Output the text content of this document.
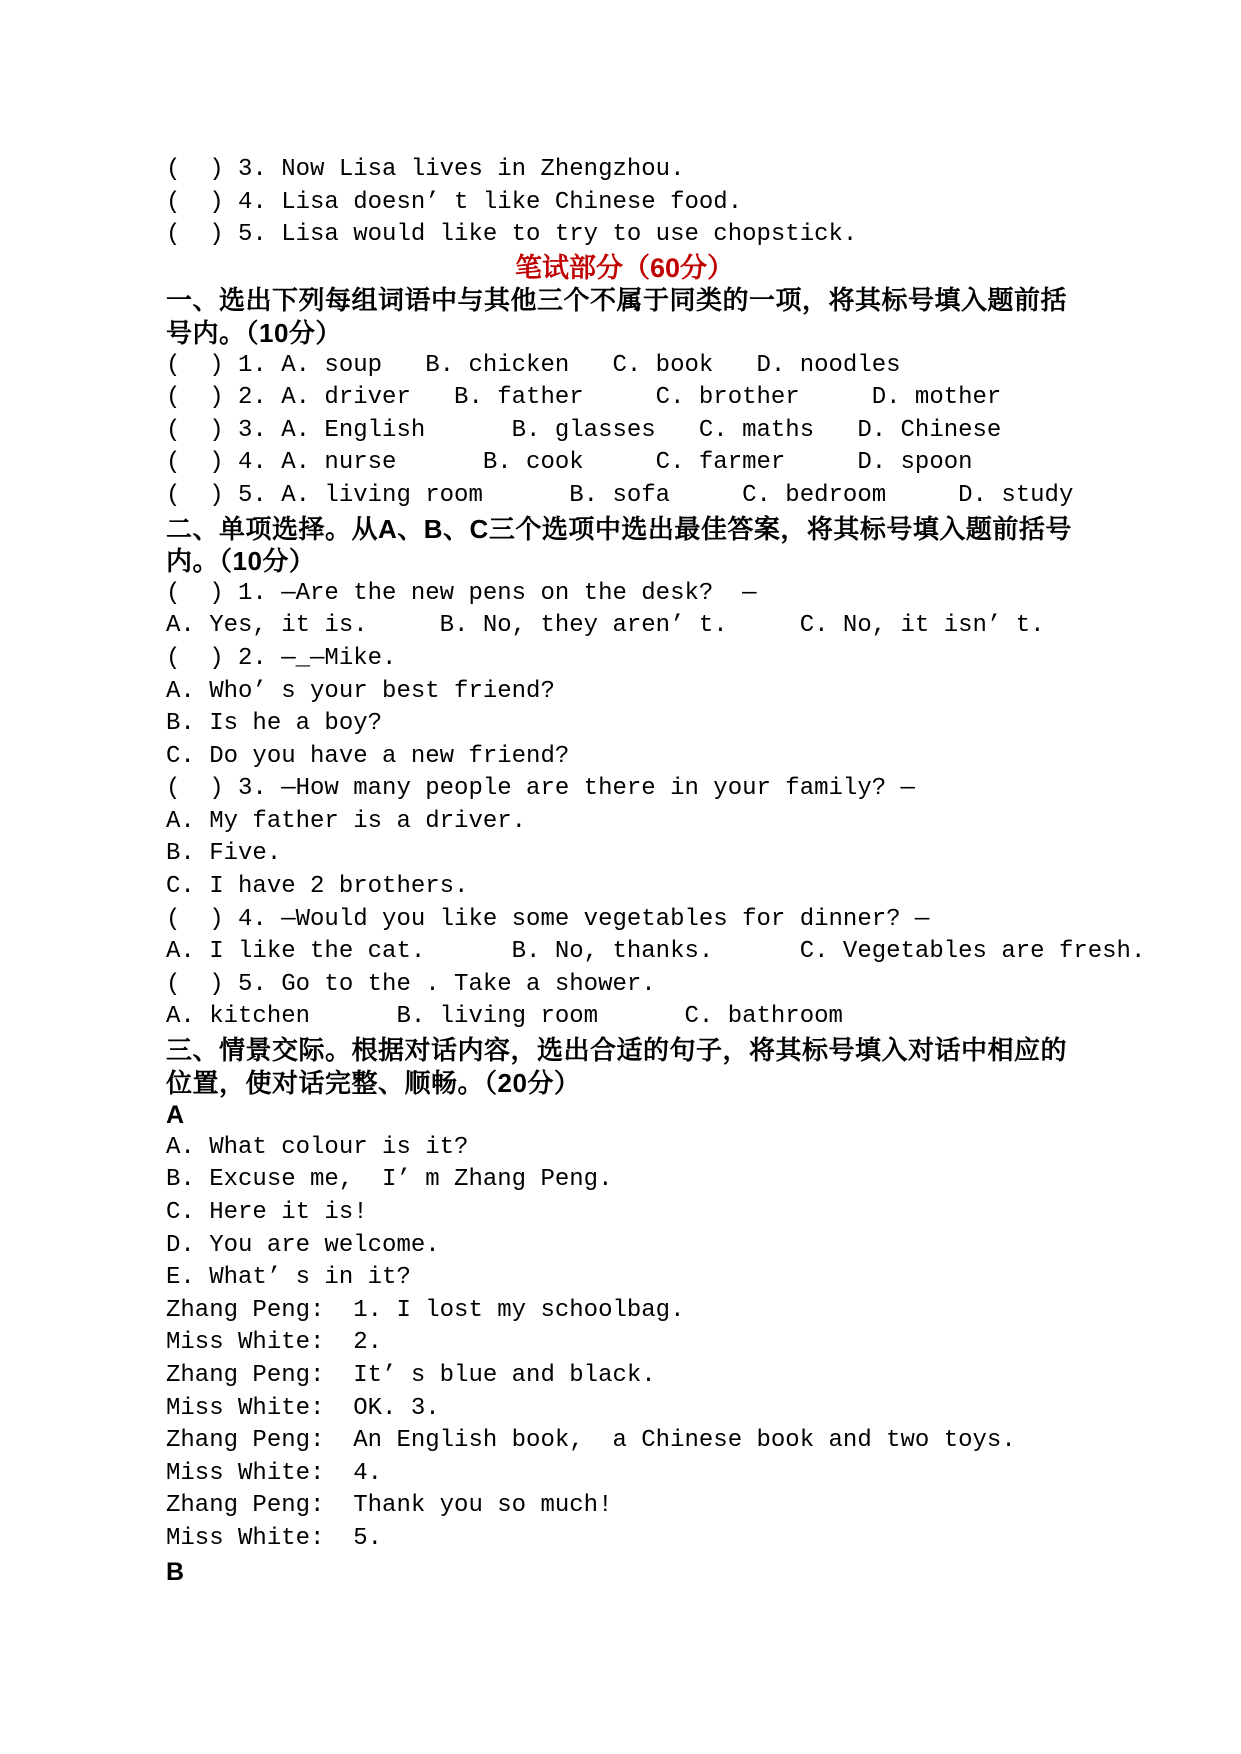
(  ) 3. Now Lisa lives in Zhengzhou.
(  ) 4. Lisa doesn’ t like Chinese food.
(  ) 5. Lisa would like to try to use chopstick.
笔试部分（60分）
一、选出下列每组词语中与其他三个不属于同类的一项，将其标号填入题前括
号内。（10分）
(  ) 1. A. soup   B. chicken   C. book   D. noodles
(  ) 2. A. driver   B. father     C. brother     D. mother
(  ) 3. A. English      B. glasses   C. maths   D. Chinese
(  ) 4. A. nurse      B. cook     C. farmer     D. spoon
(  ) 5. A. living room      B. sofa     C. bedroom     D. study
二、单项选择。从A、B、C三个选项中选出最佳答案，将其标号填入题前括号
内。（10分）
(  ) 1. —Are the new pens on the desk?  —
A. Yes, it is.     B. No, they aren’ t.     C. No, it isn’ t.
(  ) 2. —_—Mike.
A. Who’ s your best friend?
B. Is he a boy?
C. Do you have a new friend?
(  ) 3. —How many people are there in your family? —
A. My father is a driver.
B. Five.
C. I have 2 brothers.
(  ) 4. —Would you like some vegetables for dinner? —
A. I like the cat.      B. No, thanks.      C. Vegetables are fresh.
(  ) 5. Go to the . Take a shower.
A. kitchen      B. living room      C. bathroom
三、情景交际。根据对话内容，选出合适的句子，将其标号填入对话中相应的
位置，使对话完整、顺畅。（20分）
A
A. What colour is it?
B. Excuse me,  I’ m Zhang Peng.
C. Here it is!
D. You are welcome.
E. What’ s in it?
Zhang Peng:  1. I lost my schoolbag.
Miss White:  2.
Zhang Peng:  It’ s blue and black.
Miss White:  OK. 3.
Zhang Peng:  An English book,  a Chinese book and two toys.
Miss White:  4.
Zhang Peng:  Thank you so much!
Miss White:  5.
B
